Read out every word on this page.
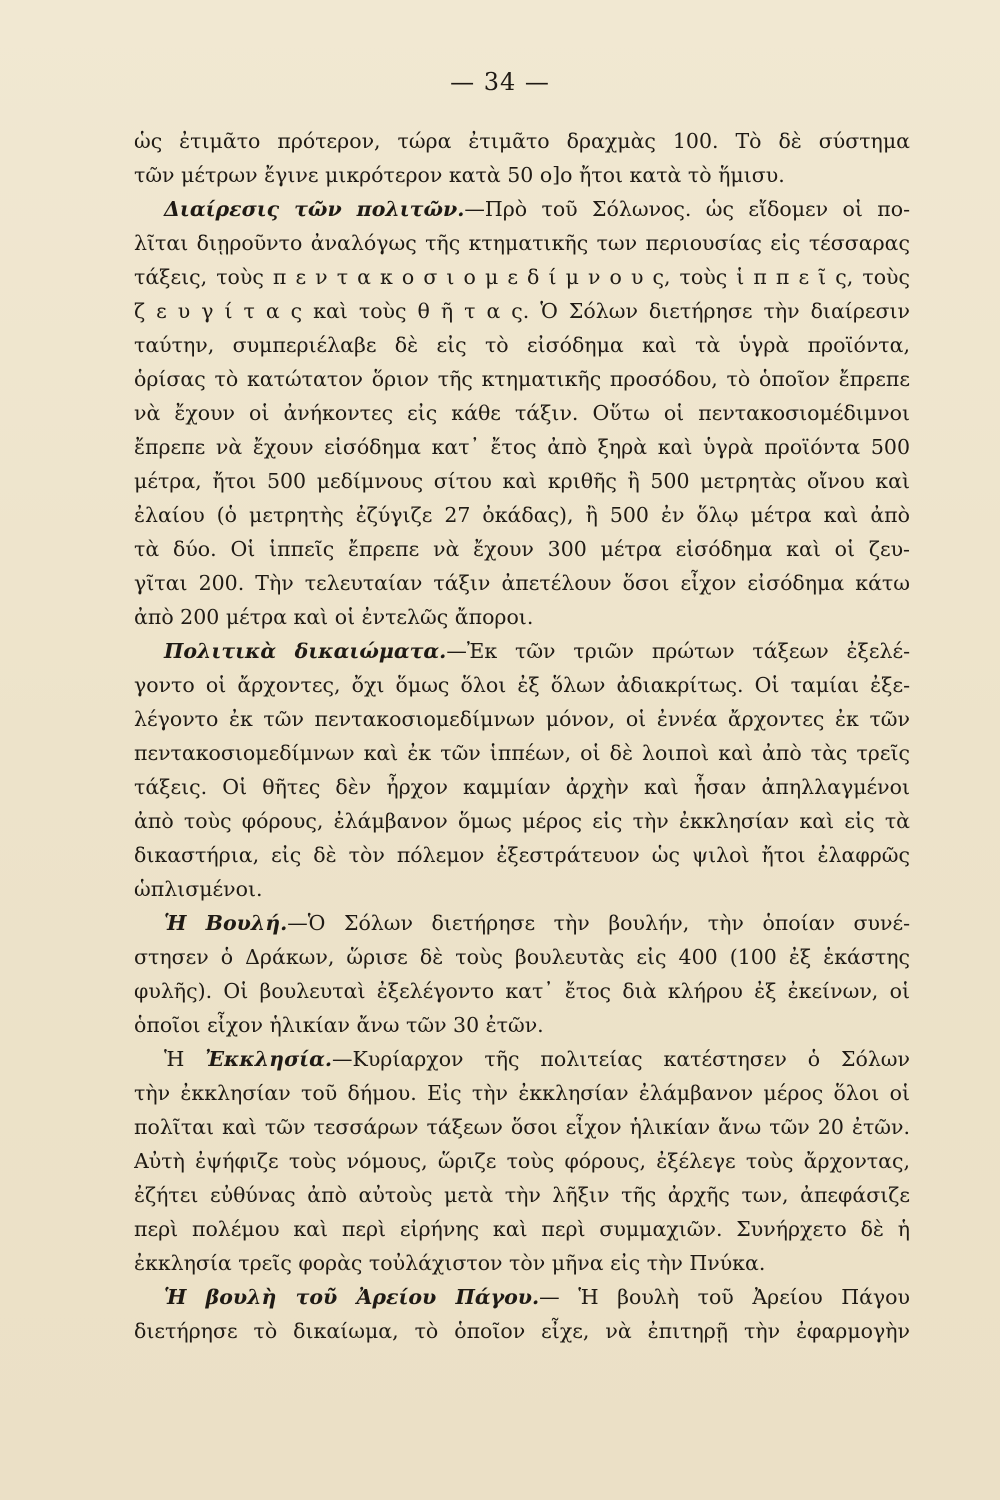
— 34 —
ὡς ἐτιμᾶτο πρότερον, τώρα ἐτιμᾶτο δραχμὰς 100. Τὸ δὲ σύστημα
τῶν μέτρων ἔγινε μικρότερον κατὰ 50 ο]ο ἤτοι κατὰ τὸ ἥμισυ.
Διαίρεσις τῶν πολιτῶν.—Πρὸ τοῦ Σόλωνος. ὡς εἴδομεν οἱ πο-
λῖται διῃροῦντο ἀναλόγως τῆς κτηματικῆς των περιουσίας εἰς τέσσαρας
τάξεις, τοὺς π ε ν τ α κ ο σ ι ο μ ε δ ί μ ν ο υ ς, τοὺς ἱ π π ε ῖ ς, τοὺς
ζ ε υ γ ί τ α ς καὶ τοὺς θ ῆ τ α ς. Ὁ Σόλων διετήρησε τὴν διαίρεσιν
ταύτην, συμπεριέλαβε δὲ εἰς τὸ εἰσόδημα καὶ τὰ ὑγρὰ προϊόντα,
ὁρίσας τὸ κατώτατον ὅριον τῆς κτηματικῆς προσόδου, τὸ ὁποῖον ἔπρεπε
νὰ ἔχουν οἱ ἀνήκοντες εἰς κάθε τάξιν. Οὕτω οἱ πεντακοσιομέδιμνοι
ἔπρεπε νὰ ἔχουν εἰσόδημα κατ᾽ ἔτος ἀπὸ ξηρὰ καὶ ὑγρὰ προϊόντα 500
μέτρα, ἤτοι 500 μεδίμνους σίτου καὶ κριθῆς ἢ 500 μετρητὰς οἴνου καὶ
ἐλαίου (ὁ μετρητὴς ἐζύγιζε 27 ὀκάδας), ἢ 500 ἐν ὅλῳ μέτρα καὶ ἀπὸ
τὰ δύο. Οἱ ἱππεῖς ἔπρεπε νὰ ἔχουν 300 μέτρα εἰσόδημα καὶ οἱ ζευ-
γῖται 200. Τὴν τελευταίαν τάξιν ἀπετέλουν ὅσοι εἶχον εἰσόδημα κάτω
ἀπὸ 200 μέτρα καὶ οἱ ἐντελῶς ἄποροι.
Πολιτικὰ δικαιώματα.—Ἐκ τῶν τριῶν πρώτων τάξεων ἐξελέ-
γοντο οἱ ἄρχοντες, ὄχι ὅμως ὅλοι ἐξ ὅλων ἀδιακρίτως. Οἱ ταμίαι ἐξε-
λέγοντο ἐκ τῶν πεντακοσιομεδίμνων μόνον, οἱ ἐννέα ἄρχοντες ἐκ τῶν
πεντακοσιομεδίμνων καὶ ἐκ τῶν ἱππέων, οἱ δὲ λοιποὶ καὶ ἀπὸ τὰς τρεῖς
τάξεις. Οἱ θῆτες δὲν ἦρχον καμμίαν ἀρχὴν καὶ ἦσαν ἀπηλλαγμένοι
ἀπὸ τοὺς φόρους, ἐλάμβανον ὅμως μέρος εἰς τὴν ἐκκλησίαν καὶ εἰς τὰ
δικαστήρια, εἰς δὲ τὸν πόλεμον ἐξεστράτευον ὡς ψιλοὶ ἤτοι ἐλαφρῶς
ὡπλισμένοι.
Ἡ Βουλή.—Ὁ Σόλων διετήρησε τὴν βουλήν, τὴν ὁποίαν συνέ-
στησεν ὁ Δράκων, ὥρισε δὲ τοὺς βουλευτὰς εἰς 400 (100 ἐξ ἑκάστης
φυλῆς). Οἱ βουλευταὶ ἐξελέγοντο κατ᾽ ἔτος διὰ κλήρου ἐξ ἐκείνων, οἱ
ὁποῖοι εἶχον ἡλικίαν ἄνω τῶν 30 ἐτῶν.
Ἡ Ἐκκλησία.—Κυρίαρχον τῆς πολιτείας κατέστησεν ὁ Σόλων
τὴν ἐκκλησίαν τοῦ δήμου. Εἰς τὴν ἐκκλησίαν ἐλάμβανον μέρος ὅλοι οἱ
πολῖται καὶ τῶν τεσσάρων τάξεων ὅσοι εἶχον ἡλικίαν ἄνω τῶν 20 ἐτῶν.
Αὐτὴ ἐψήφιζε τοὺς νόμους, ὥριζε τοὺς φόρους, ἐξέλεγε τοὺς ἄρχοντας,
ἐζήτει εὐθύνας ἀπὸ αὐτοὺς μετὰ τὴν λῆξιν τῆς ἀρχῆς των, ἀπεφάσιζε
περὶ πολέμου καὶ περὶ εἰρήνης καὶ περὶ συμμαχιῶν. Συνήρχετο δὲ ἡ
ἐκκλησία τρεῖς φορὰς τοὐλάχιστον τὸν μῆνα εἰς τὴν Πνύκα.
Ἡ βουλὴ τοῦ Ἀρείου Πάγου.— Ἡ βουλὴ τοῦ Ἀρείου Πάγου
διετήρησε τὸ δικαίωμα, τὸ ὁποῖον εἶχε, νὰ ἐπιτηρῇ τὴν ἐφαρμογὴν
